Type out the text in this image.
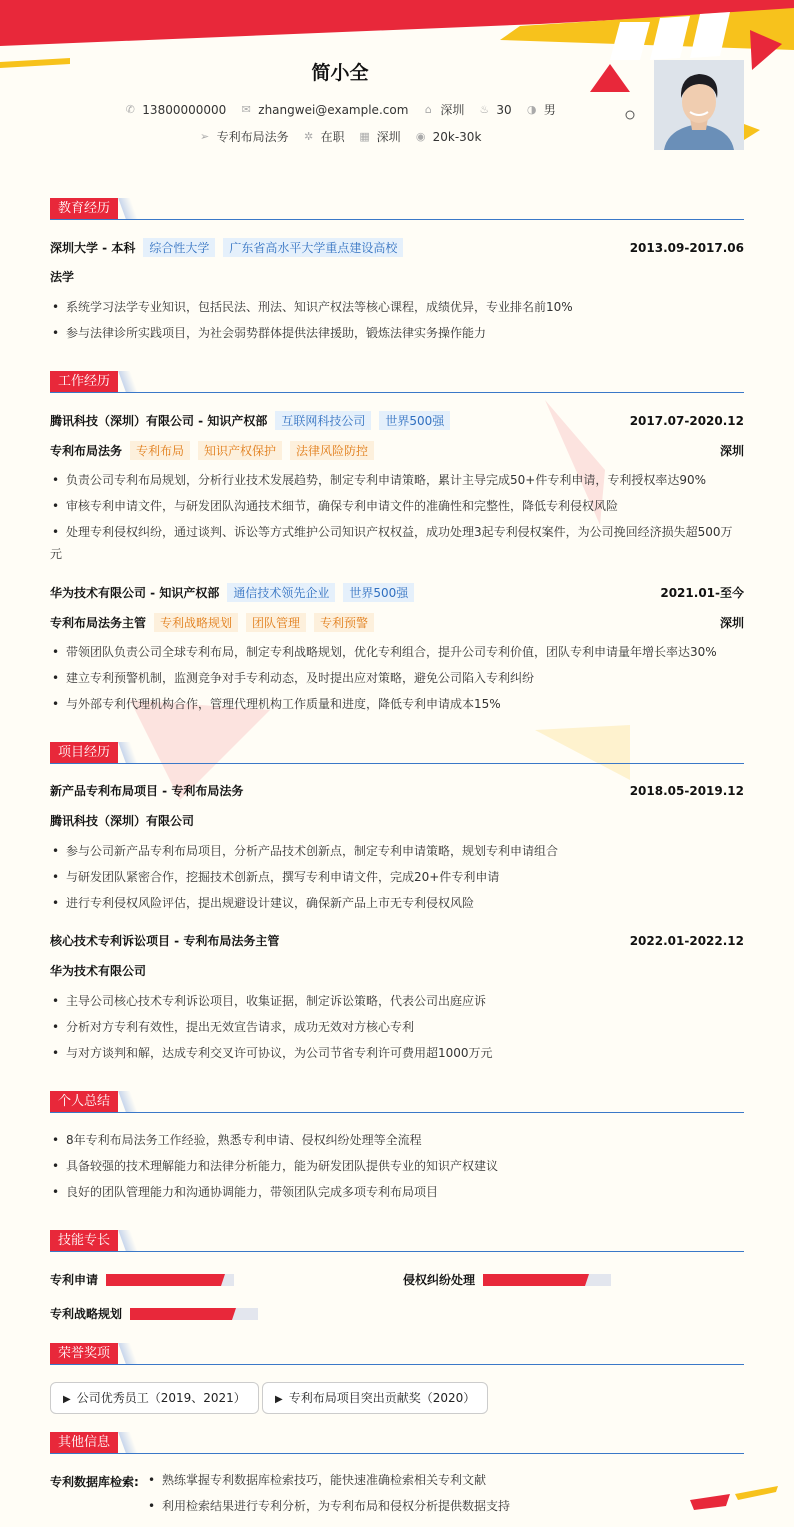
简小全
✆ 13800000000 ✉ zhangwei@example.com ⌂ 深圳 ♨ 30 ◑ 男
➢ 专利布局法务 ✲ 在职 ▦ 深圳 ◉ 20k-30k
教育经历
深圳大学 - 本科	综合性大学	广东省高水平大学重点建设高校	2013.09-2017.06
法学
• 系统学习法学专业知识，包括民法、刑法、知识产权法等核心课程，成绩优异，专业排名前10%
• 参与法律诊所实践项目，为社会弱势群体提供法律援助，锻炼法律实务操作能力
工作经历
腾讯科技（深圳）有限公司 - 知识产权部	互联网科技公司	世界500强	2017.07-2020.12
专利布局法务	专利布局	知识产权保护	法律风险防控	深圳
• 负责公司专利布局规划，分析行业技术发展趋势，制定专利申请策略，累计主导完成50+件专利申请，专利授权率达90%
• 审核专利申请文件，与研发团队沟通技术细节，确保专利申请文件的准确性和完整性，降低专利侵权风险
• 处理专利侵权纠纷，通过谈判、诉讼等方式维护公司知识产权权益，成功处理3起专利侵权案件，为公司挽回经济损失超500万
元
华为技术有限公司 - 知识产权部	通信技术领先企业	世界500强	2021.01-至今
专利布局法务主管	专利战略规划	团队管理	专利预警	深圳
• 带领团队负责公司全球专利布局，制定专利战略规划，优化专利组合，提升公司专利价值，团队专利申请量年增长率达30%
• 建立专利预警机制，监测竞争对手专利动态，及时提出应对策略，避免公司陷入专利纠纷
• 与外部专利代理机构合作，管理代理机构工作质量和进度，降低专利申请成本15%
项目经历
新产品专利布局项目 - 专利布局法务	2018.05-2019.12
腾讯科技（深圳）有限公司
• 参与公司新产品专利布局项目，分析产品技术创新点，制定专利申请策略，规划专利申请组合
• 与研发团队紧密合作，挖掘技术创新点，撰写专利申请文件，完成20+件专利申请
• 进行专利侵权风险评估，提出规避设计建议，确保新产品上市无专利侵权风险
核心技术专利诉讼项目 - 专利布局法务主管	2022.01-2022.12
华为技术有限公司
• 主导公司核心技术专利诉讼项目，收集证据，制定诉讼策略，代表公司出庭应诉
• 分析对方专利有效性，提出无效宣告请求，成功无效对方核心专利
• 与对方谈判和解，达成专利交叉许可协议，为公司节省专利许可费用超1000万元
个人总结
• 8年专利布局法务工作经验，熟悉专利申请、侵权纠纷处理等全流程
• 具备较强的技术理解能力和法律分析能力，能为研发团队提供专业的知识产权建议
• 良好的团队管理能力和沟通协调能力，带领团队完成多项专利布局项目
技能专长
专利申请	侵权纠纷处理
专利战略规划
荣誉奖项
▶ 公司优秀员工（2019、2021）	▶ 专利布局项目突出贡献奖（2020）
其他信息
专利数据库检索:
•	熟练掌握专利数据库检索技巧，能快速准确检索相关专利文献
• 利用检索结果进行专利分析，为专利布局和侵权分析提供数据支持
